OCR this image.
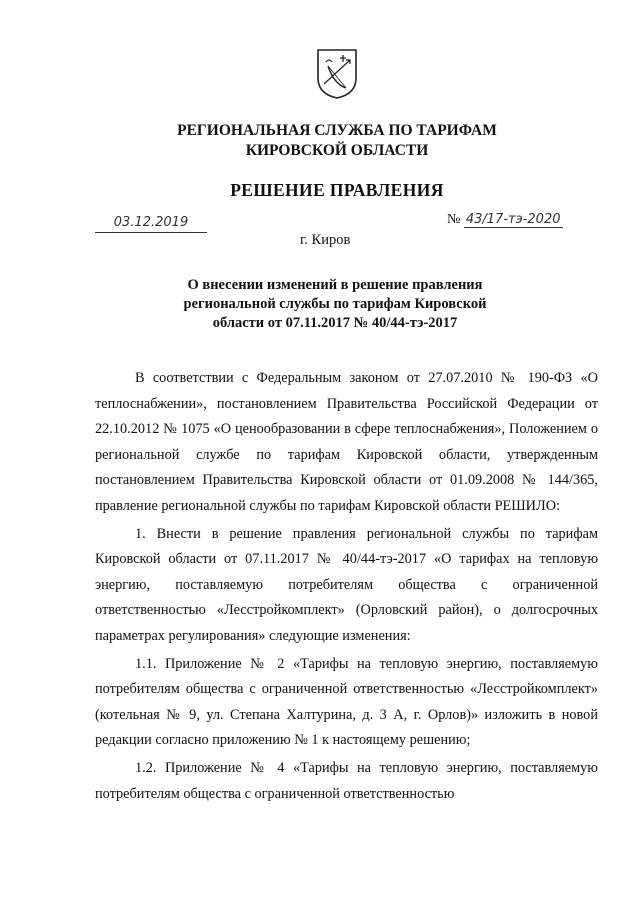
РЕГИОНАЛЬНАЯ СЛУЖБА ПО ТАРИФАМ
КИРОВСКОЙ ОБЛАСТИ
РЕШЕНИЕ ПРАВЛЕНИЯ
03.12.2019	№ 43/17-тэ-2020
г. Киров
О внесении изменений в решение правления
региональной службы по тарифам Кировской
области от 07.11.2017 № 40/44-тэ-2017

В соответствии с Федеральным законом от 27.07.2010 № 190-ФЗ «О теплоснабжении», постановлением Правительства Российской Федерации от 22.10.2012 № 1075 «О ценообразовании в сфере теплоснабжения», Положением о региональной службе по тарифам Кировской области, утвержденным постановлением Правительства Кировской области от 01.09.2008 № 144/365, правление региональной службы по тарифам Кировской области РЕШИЛО:

1. Внести в решение правления региональной службы по тарифам Кировской области от 07.11.2017 № 40/44-тэ-2017 «О тарифах на тепловую энергию, поставляемую потребителям общества с ограниченной ответственностью «Лесстройкомплект» (Орловский район), о долгосрочных параметрах регулирования» следующие изменения:

1.1. Приложение № 2 «Тарифы на тепловую энергию, поставляемую потребителям общества с ограниченной ответственностью «Лесстройкомплект» (котельная № 9, ул. Степана Халтурина, д. 3 А, г. Орлов)» изложить в новой редакции согласно приложению № 1 к настоящему решению;

1.2. Приложение № 4 «Тарифы на тепловую энергию, поставляемую потребителям общества с ограниченной ответственностью
